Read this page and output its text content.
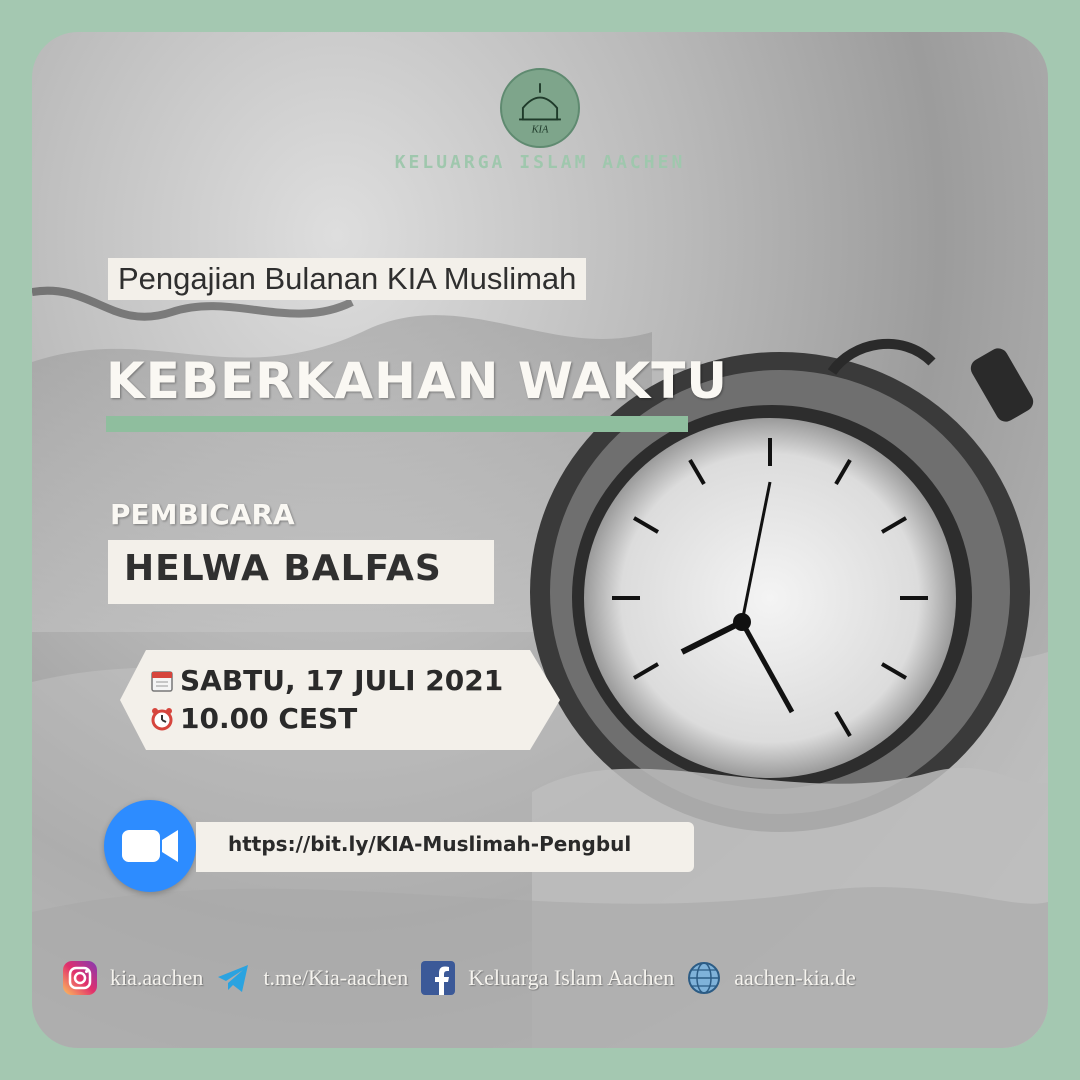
KIA
KELUARGA ISLAM AACHEN
Pengajian Bulanan KIA Muslimah
KEBERKAHAN WAKTU
PEMBICARA
HELWA BALFAS
SABTU, 17 JULI 2021
10.00 CEST
https://bit.ly/KIA-Muslimah-Pengbul
kia.aachen	t.me/Kia-aachen	Keluarga Islam Aachen	aachen-kia.de
